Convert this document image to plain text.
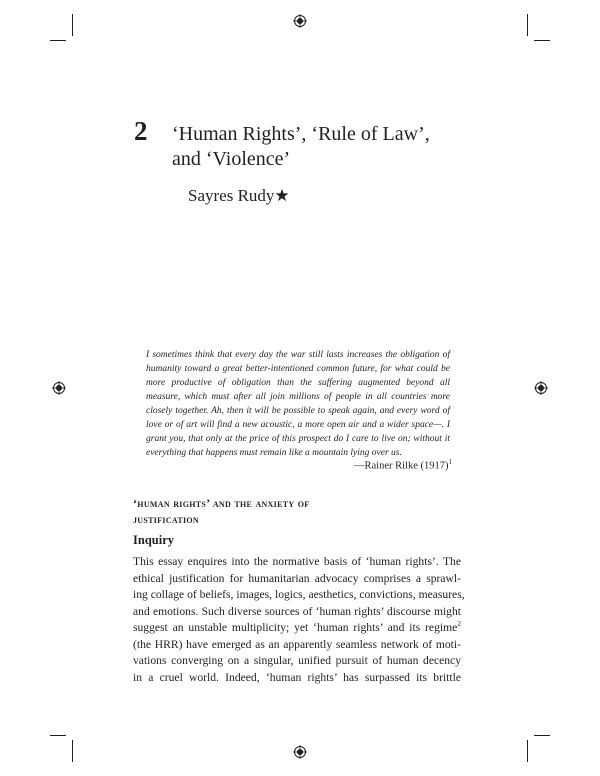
2 ‘Human Rights’, ‘Rule of Law’,
and ‘Violence’
Sayres Rudy★
I sometimes think that every day the war still lasts increases the obligation of humanity toward a great better-intentioned common future, for what could be more productive of obligation than the suffering augmented beyond all measure, which must after all join millions of people in all countries more closely together. Ah, then it will be possible to speak again, and every word of love or of art will find a new acoustic, a more open air and a wider space—. I grant you, that only at the price of this prospect do I care to live on; without it everything that happens must remain like a mountain lying over us.
—Rainer Rilke $(1917)^1$
‘human rights’ and the anxiety of
justification
Inquiry
This essay enquires into the normative basis of ‘human rights’. The
ethical justification for humanitarian advocacy comprises a sprawl-
ing collage of beliefs, images, logics, aesthetics, convictions, measures,
and emotions. Such diverse sources of ‘human rights’ discourse might
suggest an unstable multiplicity; yet ‘human rights’ and its regime$^2$
(the HRR) have emerged as an apparently seamless network of moti-
vations converging on a singular, unified pursuit of human decency
in a cruel world. Indeed, ‘human rights’ has surpassed its brittle
